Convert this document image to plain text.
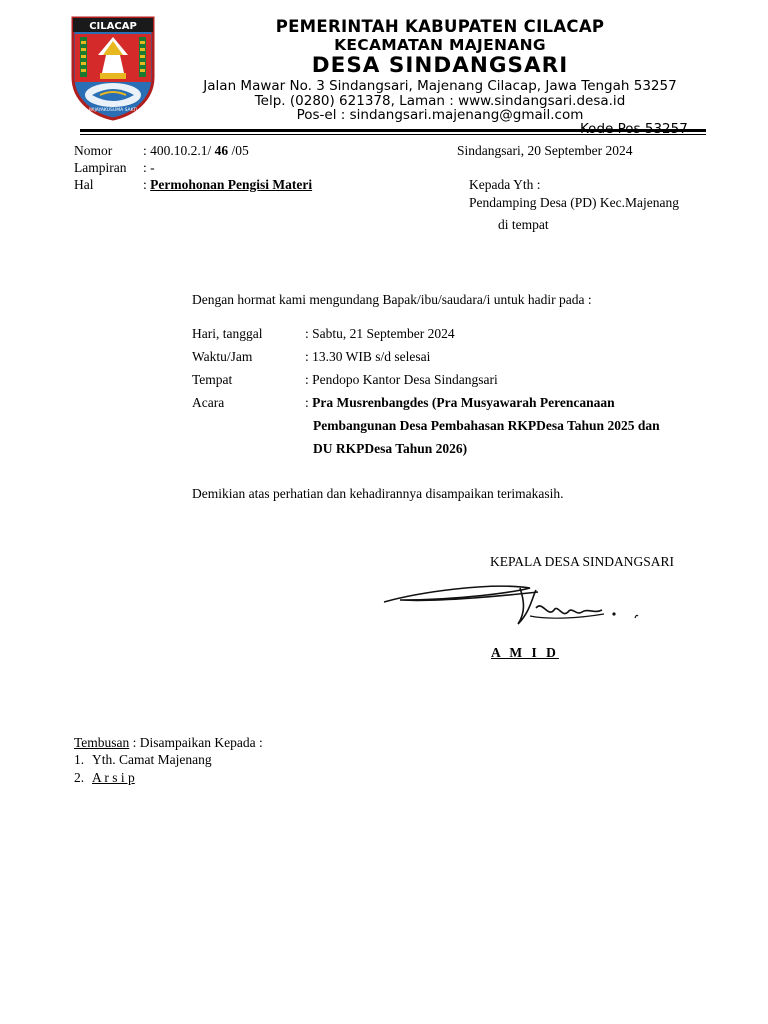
CILACAP
WIJAYAKUSUMA SAKTI
PEMERINTAH KABUPATEN CILACAP
KECAMATAN MAJENANG
DESA SINDANGSARI
Jalan Mawar No. 3 Sindangsari, Majenang Cilacap, Jawa Tengah 53257
Telp. (0280) 621378, Laman : www.sindangsari.desa.id
Pos-el : sindangsari.majenang@gmail.com
Nomor : 400.10.2.1/ 46 /05
Lampiran : -
Hal	: Permohonan Pengisi Materi
Sindangsari, 20 September 2024
Kepada Yth :
Pendamping Desa (PD) Kec.Majenang
di tempat
Dengan hormat kami mengundang Bapak/ibu/saudara/i untuk hadir pada :
Hari, tanggal	: Sabtu, 21 September 2024
Waktu/Jam	: 13.30 WIB s/d selesai
Tempat	: Pendopo Kantor Desa Sindangsari
Acara	: Pra Musrenbangdes (Pra Musyawarah Perencanaan
Pembangunan Desa Pembahasan RKPDesa Tahun 2025 dan
DU RKPDesa Tahun 2026)
Demikian atas perhatian dan kehadirannya disampaikan terimakasih.
KEPALA DESA SINDANGSARI
A M I D
Tembusan : Disampaikan Kepada :
1. Yth. Camat Majenang
2. A r s i p
